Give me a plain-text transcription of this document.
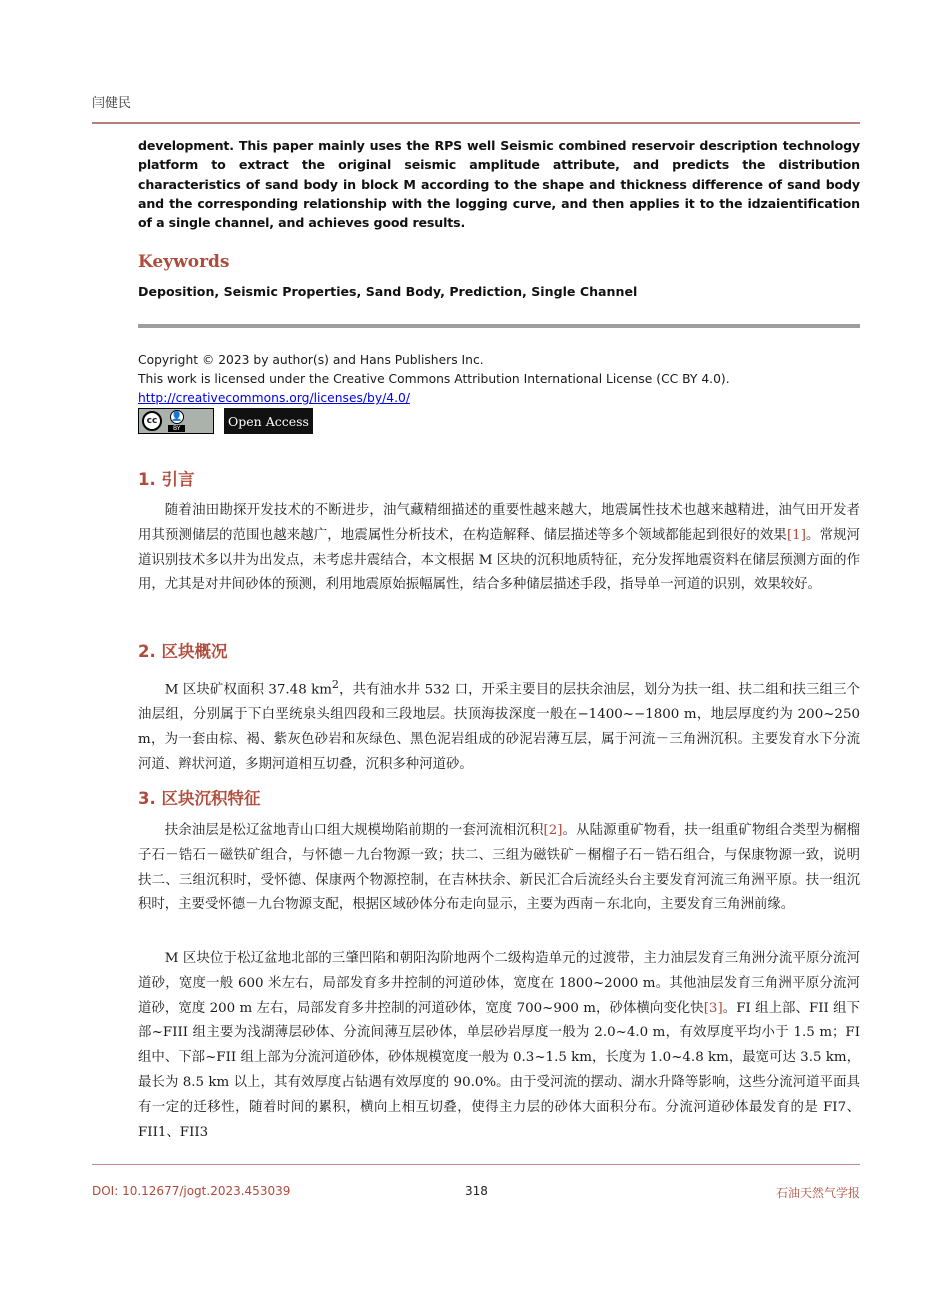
闫健民
development. This paper mainly uses the RPS well Seismic combined reservoir description technology platform to extract the original seismic amplitude attribute, and predicts the distribution characteristics of sand body in block M according to the shape and thickness difference of sand body and the corresponding relationship with the logging curve, and then applies it to the idzaientification of a single channel, and achieves good results.
Keywords
Deposition, Seismic Properties, Sand Body, Prediction, Single Channel
Copyright © 2023 by author(s) and Hans Publishers Inc.
This work is licensed under the Creative Commons Attribution International License (CC BY 4.0).
http://creativecommons.org/licenses/by/4.0/
cc	👤
BY	Open Access
1. 引言
随着油田勘探开发技术的不断进步，油气藏精细描述的重要性越来越大，地震属性技术也越来越精进，油气田开发者用其预测储层的范围也越来越广，地震属性分析技术，在构造解释、储层描述等多个领域都能起到很好的效果[1]。常规河道识别技术多以井为出发点，未考虑井震结合，本文根据 M 区块的沉积地质特征，充分发挥地震资料在储层预测方面的作用，尤其是对井间砂体的预测，利用地震原始振幅属性，结合多种储层描述手段，指导单一河道的识别，效果较好。
2. 区块概况
M 区块矿权面积 37.48 $km^2$，共有油水井 532 口，开采主要目的层扶余油层，划分为扶一组、扶二组和扶三组三个油层组，分别属于下白垩统泉头组四段和三段地层。扶顶海拔深度一般在−1400~−1800 m，地层厚度约为 200~250 m，为一套由棕、褐、紫灰色砂岩和灰绿色、黑色泥岩组成的砂泥岩薄互层，属于河流－三角洲沉积。主要发育水下分流河道、辫状河道，多期河道相互切叠，沉积多种河道砂。
3. 区块沉积特征
扶余油层是松辽盆地青山口组大规模坳陷前期的一套河流相沉积[2]。从陆源重矿物看，扶一组重矿物组合类型为榍榴子石－锆石－磁铁矿组合，与怀德－九台物源一致；扶二、三组为磁铁矿－榍榴子石－锆石组合，与保康物源一致，说明扶二、三组沉积时，受怀德、保康两个物源控制，在吉林扶余、新民汇合后流经头台主要发育河流三角洲平原。扶一组沉积时，主要受怀德－九台物源支配，根据区域砂体分布走向显示，主要为西南－东北向，主要发育三角洲前缘。
M 区块位于松辽盆地北部的三肇凹陷和朝阳沟阶地两个二级构造单元的过渡带，主力油层发育三角洲分流平原分流河道砂，宽度一般 600 米左右，局部发育多井控制的河道砂体，宽度在 1800~2000 m。其他油层发育三角洲平原分流河道砂，宽度 200 m 左右，局部发育多井控制的河道砂体，宽度 700~900 m，砂体横向变化快[3]。FI 组上部、FII 组下部~FIII 组主要为浅湖薄层砂体、分流间薄互层砂体，单层砂岩厚度一般为 2.0~4.0 m，有效厚度平均小于 1.5 m；FI 组中、下部~FII 组上部为分流河道砂体，砂体规模宽度一般为 0.3~1.5 km，长度为 1.0~4.8 km，最宽可达 3.5 km，最长为 8.5 km 以上，其有效厚度占钻遇有效厚度的 90.0%。由于受河流的摆动、湖水升降等影响，这些分流河道平面具有一定的迁移性，随着时间的累积，横向上相互切叠，使得主力层的砂体大面积分布。分流河道砂体最发育的是 FI7、FII1、FII3
DOI: 10.12677/jogt.2023.453039	318	石油天然气学报
